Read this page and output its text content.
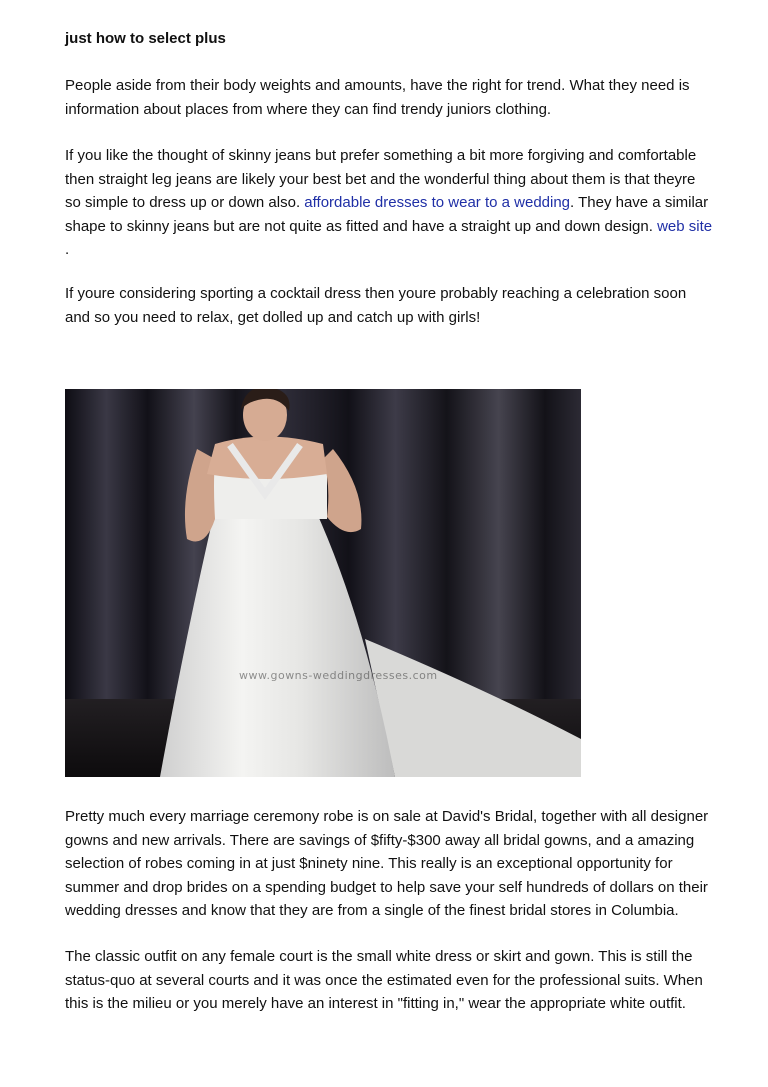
just how to select plus

People aside from their body weights and amounts, have the right for trend. What they need is
information about places from where they can find trendy juniors clothing.

If you like the thought of skinny jeans but prefer something a bit more forgiving and comfortable
then straight leg jeans are likely your best bet and the wonderful thing about them is that theyre
so simple to dress up or down also. affordable dresses to wear to a wedding. They have a similar
shape to skinny jeans but are not quite as fitted and have a straight up and down design. web site
.

If youre considering sporting a cocktail dress then youre probably reaching a celebration soon
and so you need to relax, get dolled up and catch up with girls!

www.gowns-weddingdresses.com

Pretty much every marriage ceremony robe is on sale at David's Bridal, together with all designer
gowns and new arrivals. There are savings of $fifty-$300 away all bridal gowns, and a amazing
selection of robes coming in at just $ninety nine. This really is an exceptional opportunity for
summer and drop brides on a spending budget to help save your self hundreds of dollars on their
wedding dresses and know that they are from a single of the finest bridal stores in Columbia.

The classic outfit on any female court is the small white dress or skirt and gown. This is still the
status-quo at several courts and it was once the estimated even for the professional suits. When
this is the milieu or you merely have an interest in "fitting in," wear the appropriate white outfit.
